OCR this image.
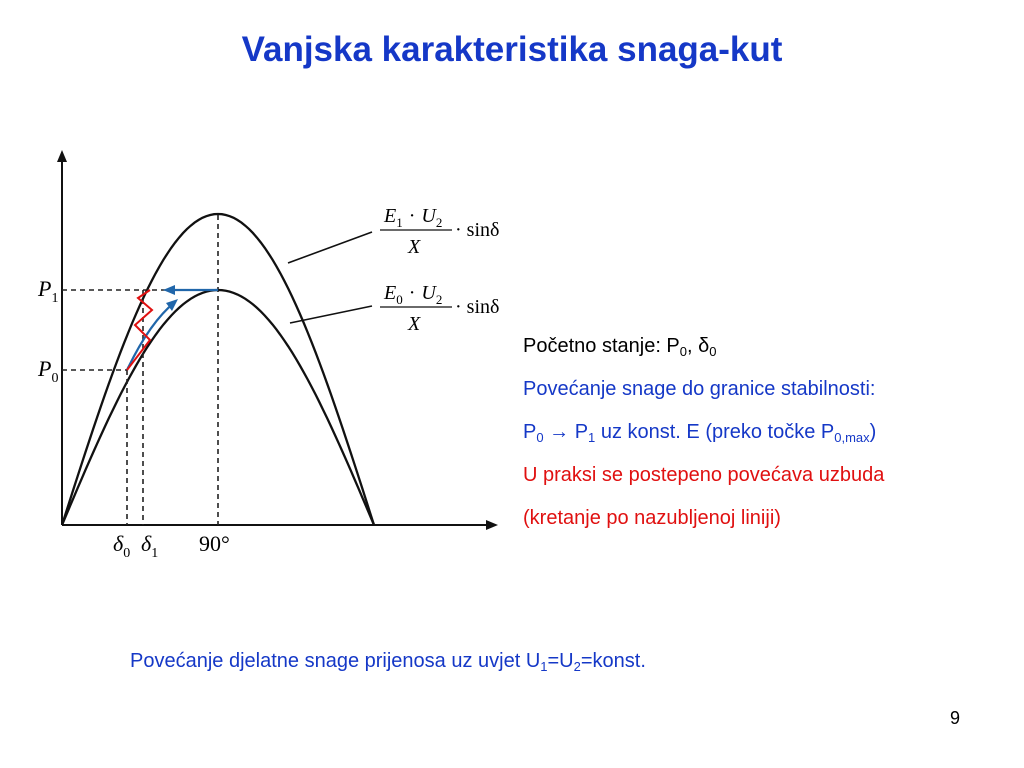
Vanjska karakteristika snaga-kut
$P_1$
$P_0$
$\delta_0$ $\delta_1$ 90°
$E_1 \cdot U_2$
X
· sinδ
$E_0 \cdot U_2$
X
· sinδ

Početno stanje: $P_0$, $\delta_0$

Povećanje snage do granice stabilnosti:

$P_0 \to P_1$ uz konst. E (preko točke $P_{0,max}$)

U praksi se postepeno povećava uzbuda

(kretanje po nazubljenoj liniji)

Povećanje djelatne snage prijenosa uz uvjet $U_1=U_2=konst$.
9
